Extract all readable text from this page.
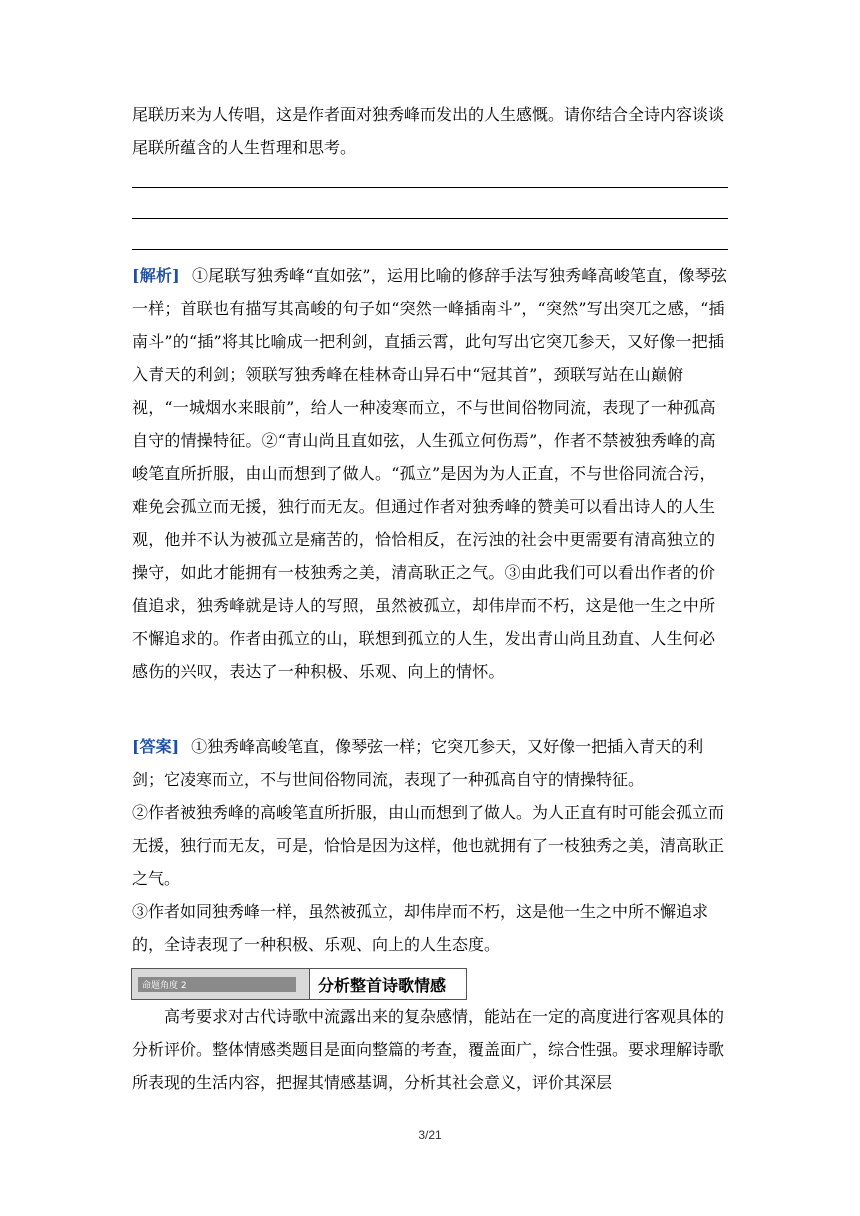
尾联历来为人传唱，这是作者面对独秀峰而发出的人生感慨。请你结合全诗内容谈谈尾联所蕴含的人生哲理和思考。

[解析] ①尾联写独秀峰“直如弦”，运用比喻的修辞手法写独秀峰高峻笔直，像琴弦一样；首联也有描写其高峻的句子如“突然一峰插南斗”，“突然”写出突兀之感，“插南斗”的“插”将其比喻成一把利剑，直插云霄，此句写出它突兀参天，又好像一把插入青天的利剑；领联写独秀峰在桂林奇山异石中“冠其首”，颈联写站在山巅俯视，“一城烟水来眼前”，给人一种凌寒而立，不与世间俗物同流，表现了一种孤高自守的情操特征。②“青山尚且直如弦，人生孤立何伤焉”，作者不禁被独秀峰的高峻笔直所折服，由山而想到了做人。“孤立”是因为为人正直，不与世俗同流合污，难免会孤立而无援，独行而无友。但通过作者对独秀峰的赞美可以看出诗人的人生观，他并不认为被孤立是痛苦的，恰恰相反，在污浊的社会中更需要有清高独立的操守，如此才能拥有一枝独秀之美，清高耿正之气。③由此我们可以看出作者的价值追求，独秀峰就是诗人的写照，虽然被孤立，却伟岸而不朽，这是他一生之中所不懈追求的。作者由孤立的山，联想到孤立的人生，发出青山尚且劲直、人生何必感伤的兴叹，表达了一种积极、乐观、向上的情怀。

[答案] ①独秀峰高峻笔直，像琴弦一样；它突兀参天，又好像一把插入青天的利剑；它凌寒而立，不与世间俗物同流，表现了一种孤高自守的情操特征。

②作者被独秀峰的高峻笔直所折服，由山而想到了做人。为人正直有时可能会孤立而无援，独行而无友，可是，恰恰是因为这样，他也就拥有了一枝独秀之美，清高耿正之气。

③作者如同独秀峰一样，虽然被孤立，却伟岸而不朽，这是他一生之中所不懈追求的，全诗表现了一种积极、乐观、向上的人生态度。

命题角度 2	分析整首诗歌情感

高考要求对古代诗歌中流露出来的复杂感情，能站在一定的高度进行客观具体的分析评价。整体情感类题目是面向整篇的考查，覆盖面广，综合性强。要求理解诗歌所表现的生活内容，把握其情感基调，分析其社会意义，评价其深层

3/21
